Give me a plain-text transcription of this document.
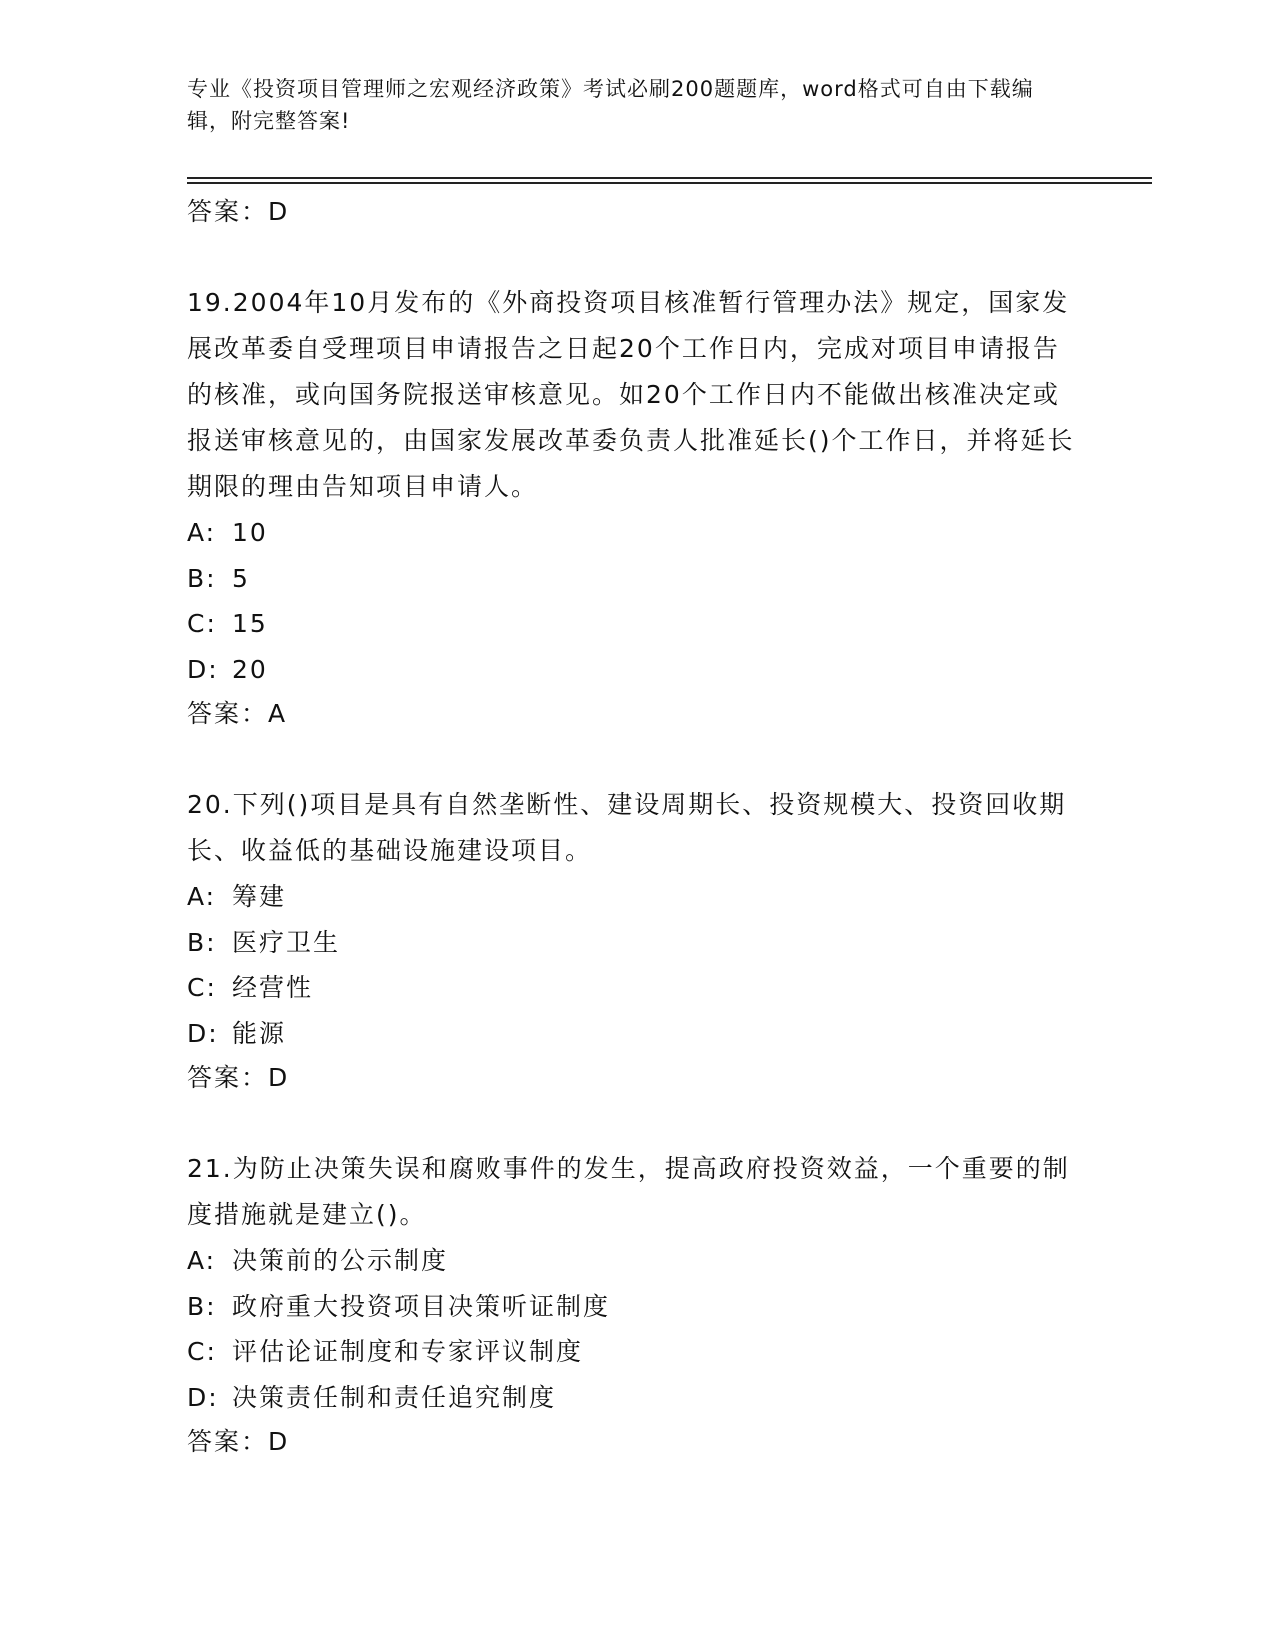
专业《投资项目管理师之宏观经济政策》考试必刷200题题库，word格式可自由下载编辑，附完整答案!

答案：D

19.2004年10月发布的《外商投资项目核准暂行管理办法》规定，国家发展改革委自受理项目申请报告之日起20个工作日内，完成对项目申请报告的核准，或向国务院报送审核意见。如20个工作日内不能做出核准决定或报送审核意见的，由国家发展改革委负责人批准延长()个工作日，并将延长期限的理由告知项目申请人。

A: 10

B: 5

C: 15

D: 20

答案：A

20.下列()项目是具有自然垄断性、建设周期长、投资规模大、投资回收期长、收益低的基础设施建设项目。

A: 筹建

B: 医疗卫生

C: 经营性

D: 能源

答案：D

21.为防止决策失误和腐败事件的发生，提高政府投资效益，一个重要的制度措施就是建立()。

A: 决策前的公示制度

B: 政府重大投资项目决策听证制度

C: 评估论证制度和专家评议制度

D: 决策责任制和责任追究制度

答案：D
